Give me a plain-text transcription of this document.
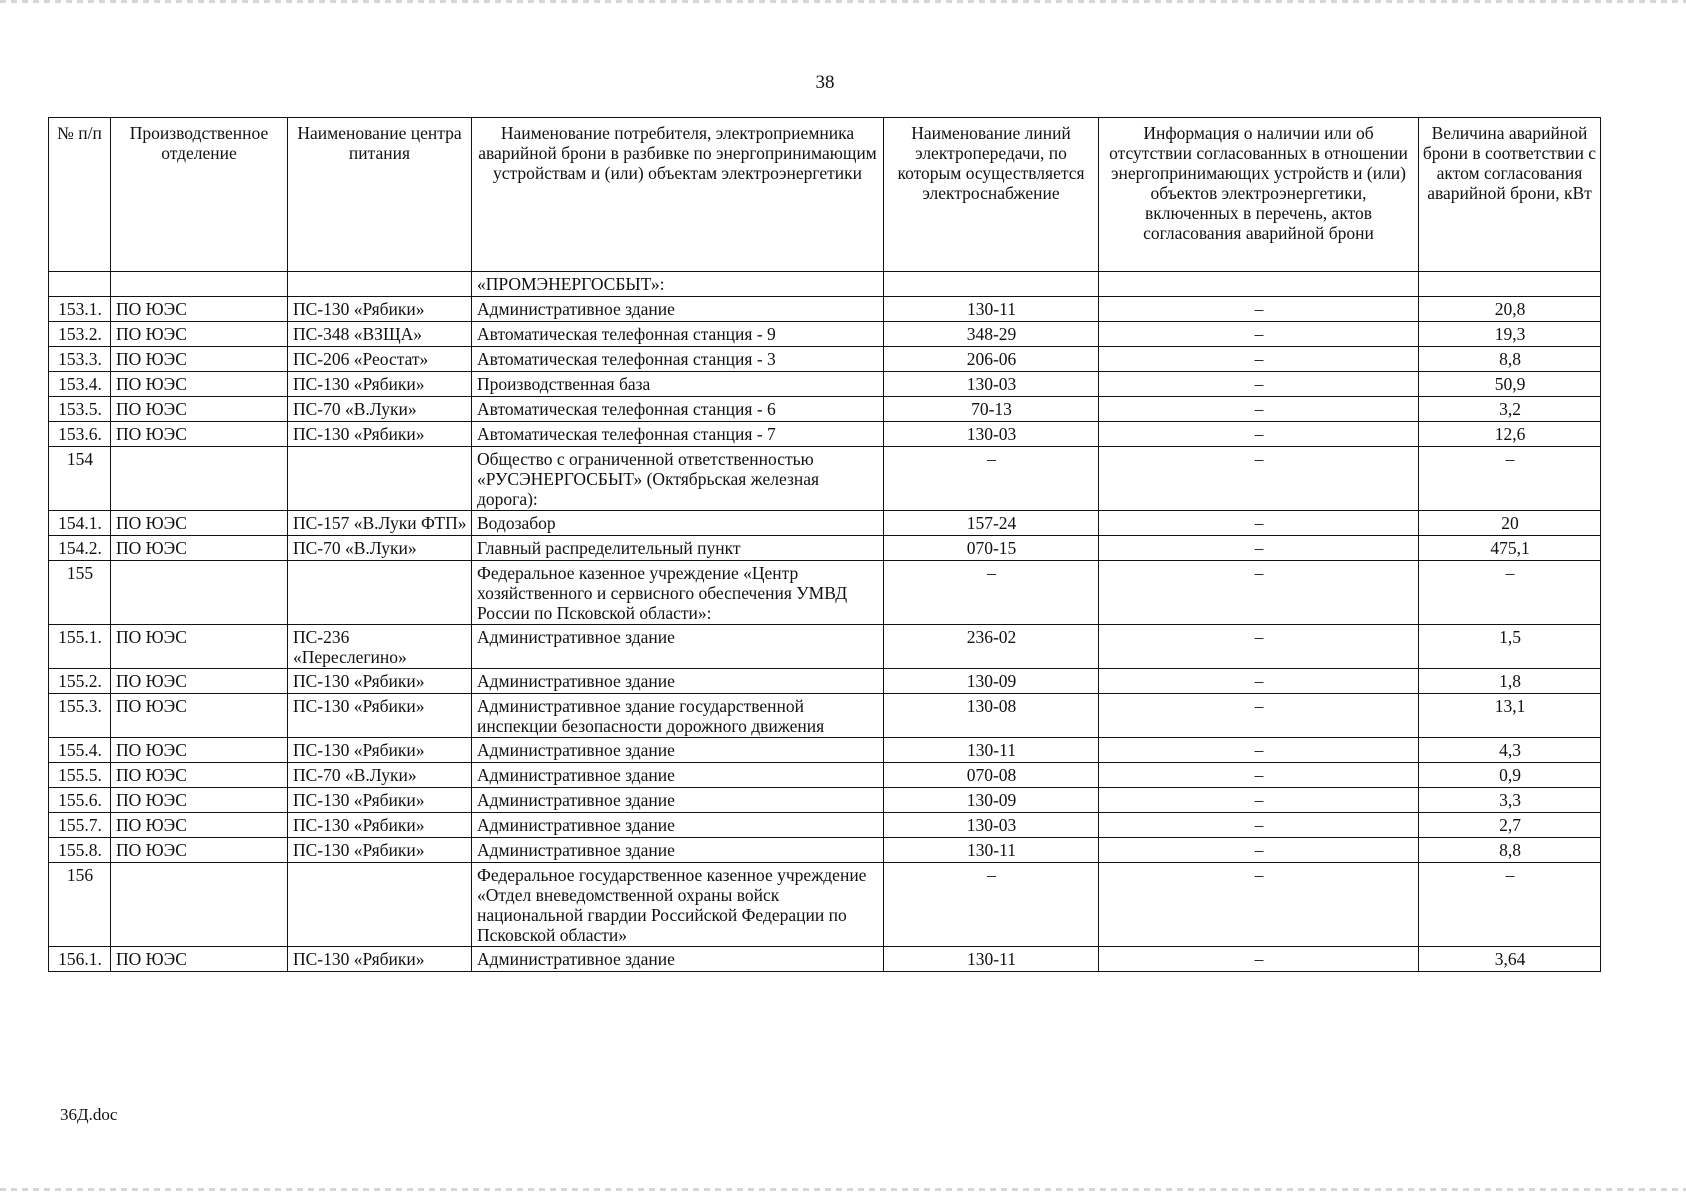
38
№ п/п	Производственное отделение	Наименование центра питания	Наименование потребителя, электроприемника аварийной брони в разбивке по энергопринимающим устройствам и (или) объектам электроэнергетики	Наименование линий электропередачи, по которым осуществляется электроснабжение	Информация о наличии или об отсутствии согласованных в отношении энергопринимающих устройств и (или) объектов электроэнергетики, включенных в перечень, актов согласования аварийной брони	Величина аварийной брони в соответствии с актом согласования аварийной брони, кВт
			«ПРОМЭНЕРГОСБЫТ»:			
153.1.	ПО ЮЭС	ПС-130 «Рябики»	Административное здание	130-11	–	20,8
153.2.	ПО ЮЭС	ПС-348 «ВЗЩА»	Автоматическая телефонная станция - 9	348-29	–	19,3
153.3.	ПО ЮЭС	ПС-206 «Реостат»	Автоматическая телефонная станция - 3	206-06	–	8,8
153.4.	ПО ЮЭС	ПС-130 «Рябики»	Производственная база	130-03	–	50,9
153.5.	ПО ЮЭС	ПС-70 «В.Луки»	Автоматическая телефонная станция - 6	70-13	–	3,2
153.6.	ПО ЮЭС	ПС-130 «Рябики»	Автоматическая телефонная станция - 7	130-03	–	12,6
154			Общество с ограниченной ответственностью «РУСЭНЕРГОСБЫТ» (Октябрьская железная дорога):	–	–	–
154.1.	ПО ЮЭС	ПС-157 «В.Луки ФТП»	Водозабор	157-24	–	20
154.2.	ПО ЮЭС	ПС-70 «В.Луки»	Главный распределительный пункт	070-15	–	475,1
155			Федеральное казенное учреждение «Центр хозяйственного и сервисного обеспечения УМВД России по Псковской области»:	–	–	–
155.1.	ПО ЮЭС	ПС-236 «Переслегино»	Административное здание	236-02	–	1,5
155.2.	ПО ЮЭС	ПС-130 «Рябики»	Административное здание	130-09	–	1,8
155.3.	ПО ЮЭС	ПС-130 «Рябики»	Административное здание государственной инспекции безопасности дорожного движения	130-08	–	13,1
155.4.	ПО ЮЭС	ПС-130 «Рябики»	Административное здание	130-11	–	4,3
155.5.	ПО ЮЭС	ПС-70 «В.Луки»	Административное здание	070-08	–	0,9
155.6.	ПО ЮЭС	ПС-130 «Рябики»	Административное здание	130-09	–	3,3
155.7.	ПО ЮЭС	ПС-130 «Рябики»	Административное здание	130-03	–	2,7
155.8.	ПО ЮЭС	ПС-130 «Рябики»	Административное здание	130-11	–	8,8
156			Федеральное государственное казенное учреждение «Отдел вневедомственной охраны войск национальной гвардии Российской Федерации по Псковской области»	–	–	–
156.1.	ПО ЮЭС	ПС-130 «Рябики»	Административное здание	130-11	–	3,64
36Д.doc
